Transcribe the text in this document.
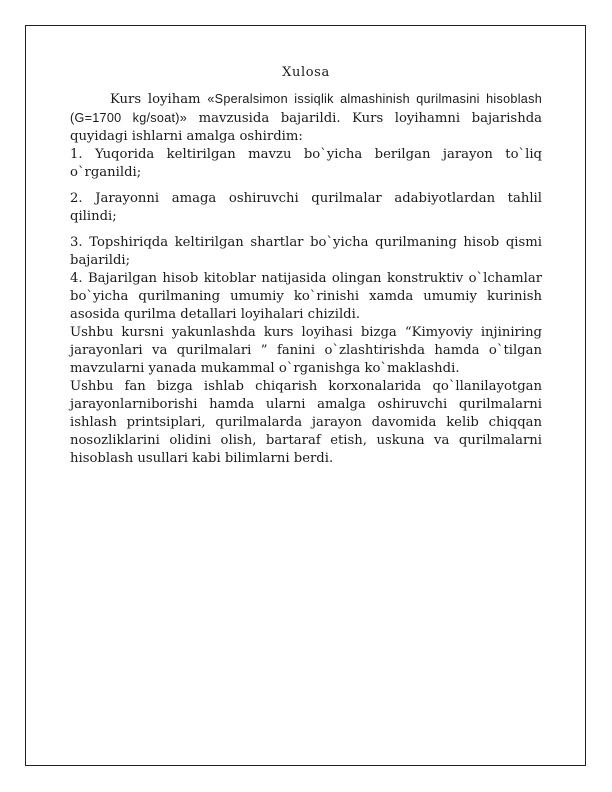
Xulosa

Kurs loyiham «Speralsimon issiqlik almashinish qurilmasini hisoblash (G=1700 kg/soat)» mavzusida bajarildi. Kurs loyihamni bajarishda quyidagi ishlarni amalga oshirdim:

1. Yuqorida keltirilgan mavzu bo`yicha berilgan jarayon to`liq o`rganildi;

2. Jarayonni amaga oshiruvchi qurilmalar adabiyotlardan tahlil qilindi;

3. Topshiriqda keltirilgan shartlar bo`yicha qurilmaning hisob qismi bajarildi;

4. Bajarilgan hisob kitoblar natijasida olingan konstruktiv o`lchamlar bo`yicha qurilmaning umumiy ko`rinishi xamda umumiy kurinish asosida qurilma detallari loyihalari chizildi.

Ushbu kursni yakunlashda kurs loyihasi bizga “Kimyoviy injiniring jarayonlari va qurilmalari ” fanini o`zlashtirishda hamda o`tilgan mavzularni yanada mukammal o`rganishga ko`maklashdi.

Ushbu fan bizga ishlab chiqarish korxonalarida qo`llanilayotgan jarayonlarniborishi hamda ularni amalga oshiruvchi qurilmalarni ishlash printsiplari, qurilmalarda jarayon davomida kelib chiqqan nosozliklarini olidini olish, bartaraf etish, uskuna va qurilmalarni hisoblash usullari kabi bilimlarni berdi.
